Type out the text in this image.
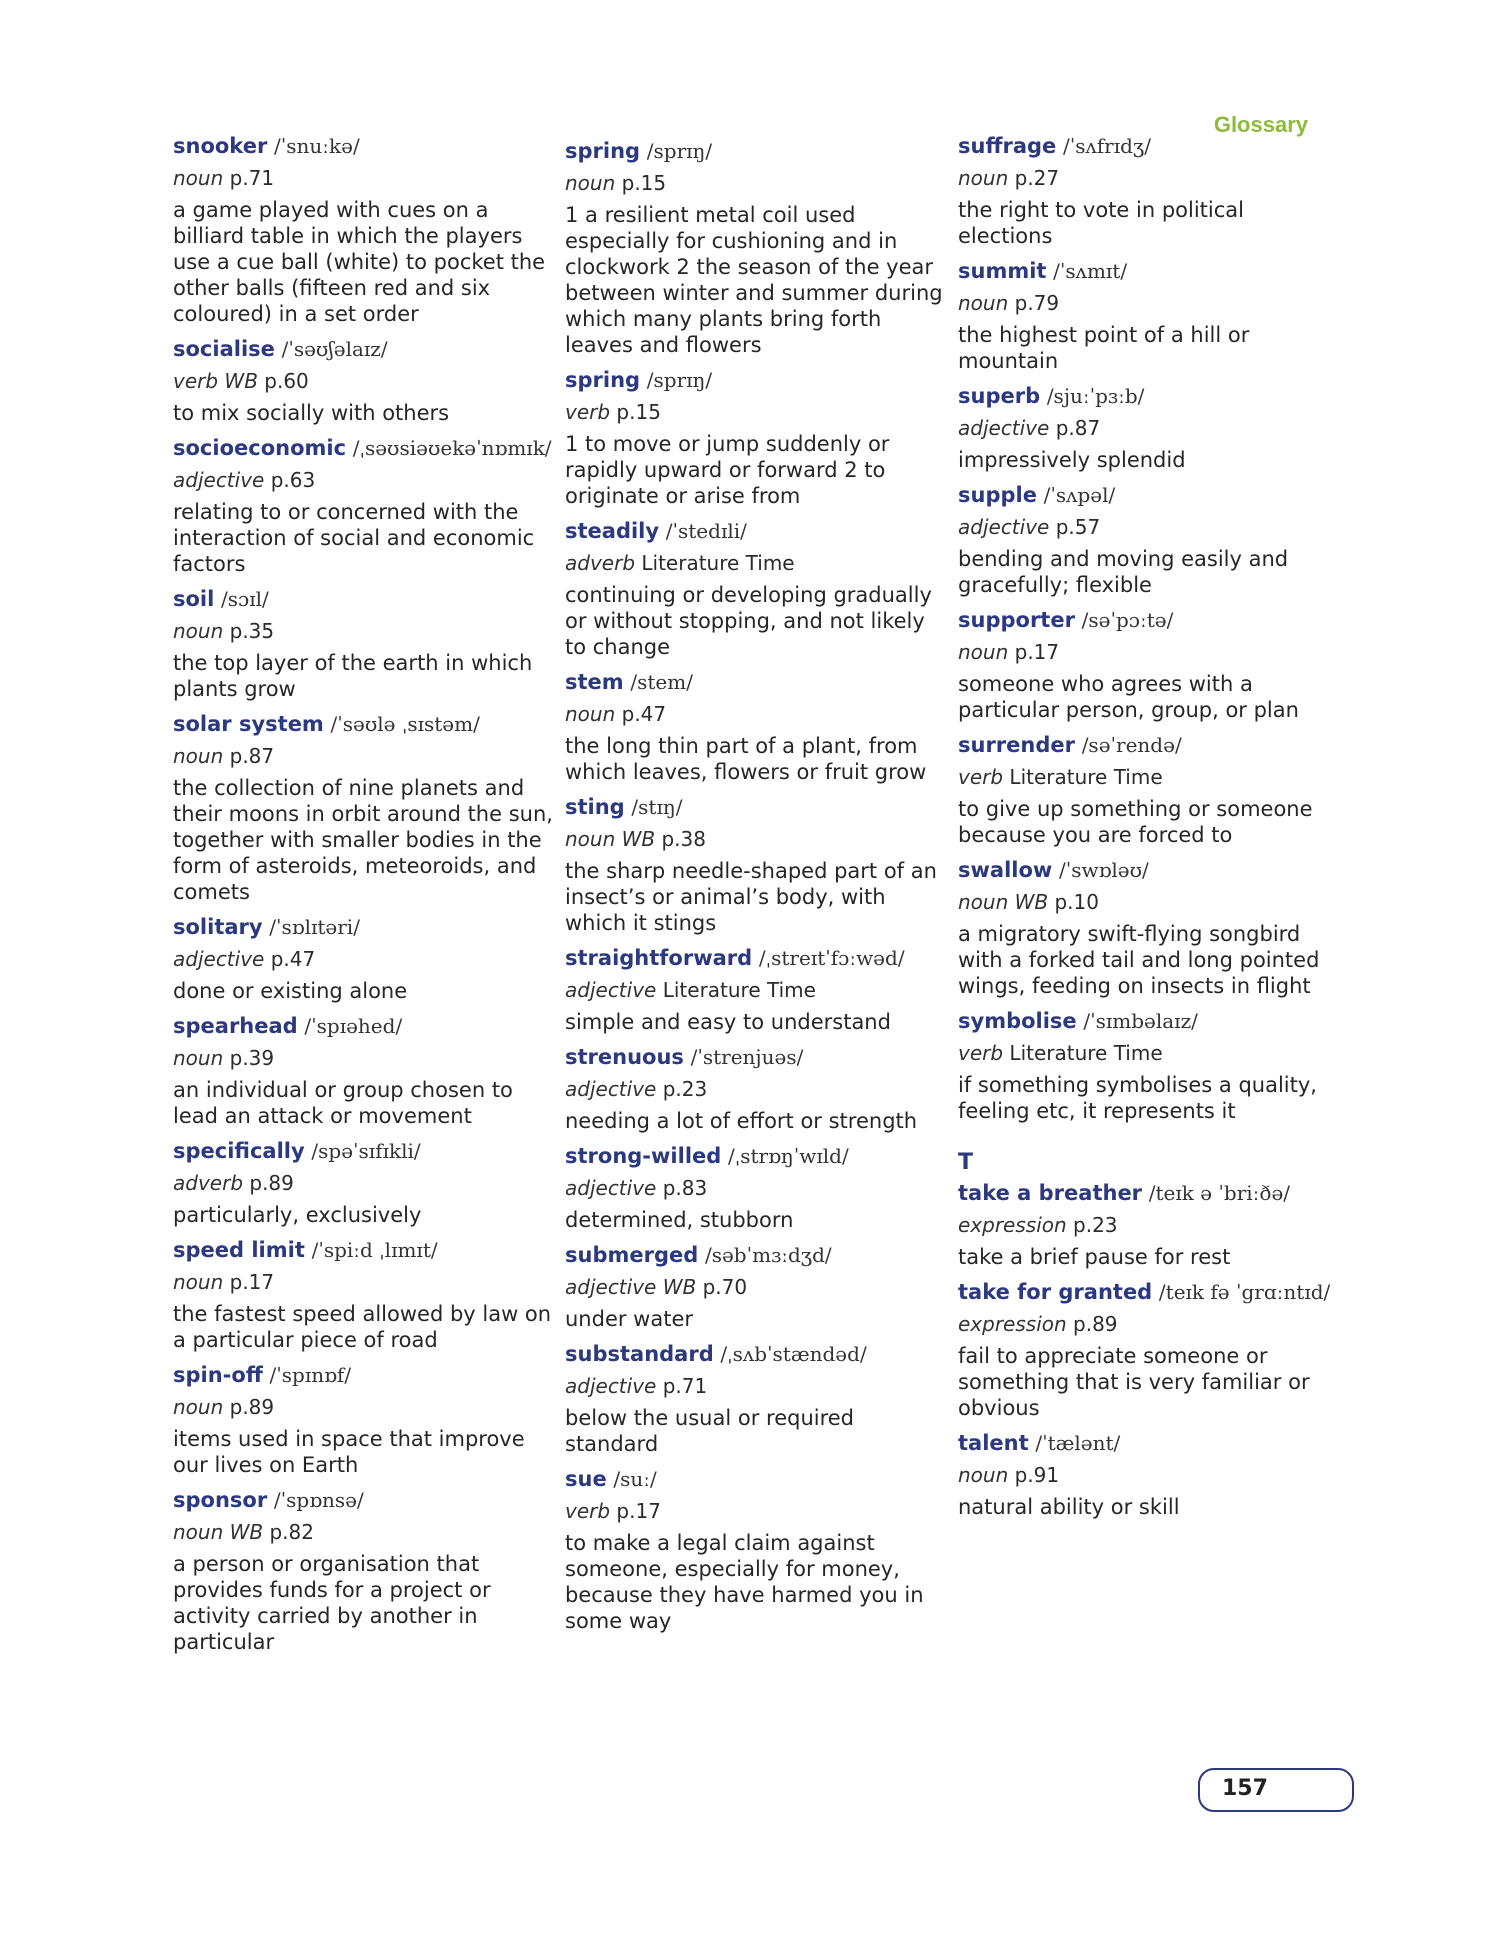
Glossary
snooker /ˈsnuːkə/
noun p.71
a game played with cues on a billiard table in which the players use a cue ball (white) to pocket the other balls (fifteen red and six coloured) in a set order
socialise /ˈsəʊʃəlaɪz/
verb WB p.60
to mix socially with others
socioeconomic /ˌsəʊsiəʊekəˈnɒmɪk/
adjective p.63
relating to or concerned with the interaction of social and economic factors
soil /sɔɪl/
noun p.35
the top layer of the earth in which plants grow
solar system /ˈsəʊlə ˌsɪstəm/
noun p.87
the collection of nine planets and their moons in orbit around the sun, together with smaller bodies in the form of asteroids, meteoroids, and comets
solitary /ˈsɒlɪtəri/
adjective p.47
done or existing alone
spearhead /ˈspɪəhed/
noun p.39
an individual or group chosen to lead an attack or movement
specifically /spəˈsɪfɪkli/
adverb p.89
particularly, exclusively
speed limit /ˈspiːd ˌlɪmɪt/
noun p.17
the fastest speed allowed by law on a particular piece of road
spin-off /ˈspɪnɒf/
noun p.89
items used in space that improve our lives on Earth
sponsor /ˈspɒnsə/
noun WB p.82
a person or organisation that provides funds for a project or activity carried by another in particular
spring /sprɪŋ/
noun p.15
1 a resilient metal coil used especially for cushioning and in clockwork 2 the season of the year between winter and summer during which many plants bring forth leaves and flowers
spring /sprɪŋ/
verb p.15
1 to move or jump suddenly or rapidly upward or forward 2 to originate or arise from
steadily /ˈstedɪli/
adverb Literature Time
continuing or developing gradually or without stopping, and not likely to change
stem /stem/
noun p.47
the long thin part of a plant, from which leaves, flowers or fruit grow
sting /stɪŋ/
noun WB p.38
the sharp needle-shaped part of an insect’s or animal’s body, with which it stings
straightforward /ˌstreɪtˈfɔːwəd/
adjective Literature Time
simple and easy to understand
strenuous /ˈstrenjuəs/
adjective p.23
needing a lot of effort or strength
strong-willed /ˌstrɒŋˈwɪld/
adjective p.83
determined, stubborn
submerged /səbˈmɜːdʒd/
adjective WB p.70
under water
substandard /ˌsʌbˈstændəd/
adjective p.71
below the usual or required standard
sue /suː/
verb p.17
to make a legal claim against someone, especially for money, because they have harmed you in some way
suffrage /ˈsʌfrɪdʒ/
noun p.27
the right to vote in political elections
summit /ˈsʌmɪt/
noun p.79
the highest point of a hill or mountain
superb /sjuːˈpɜːb/
adjective p.87
impressively splendid
supple /ˈsʌpəl/
adjective p.57
bending and moving easily and gracefully; flexible
supporter /səˈpɔːtə/
noun p.17
someone who agrees with a particular person, group, or plan
surrender /səˈrendə/
verb Literature Time
to give up something or someone because you are forced to
swallow /ˈswɒləʊ/
noun WB p.10
a migratory swift-flying songbird with a forked tail and long pointed wings, feeding on insects in flight
symbolise /ˈsɪmbəlaɪz/
verb Literature Time
if something symbolises a quality, feeling etc, it represents it
T
take a breather /teɪk ə ˈbriːðə/
expression p.23
take a brief pause for rest
take for granted /teɪk fə ˈgrɑːntɪd/
expression p.89
fail to appreciate someone or something that is very familiar or obvious
talent /ˈtælənt/
noun p.91
natural ability or skill
157
